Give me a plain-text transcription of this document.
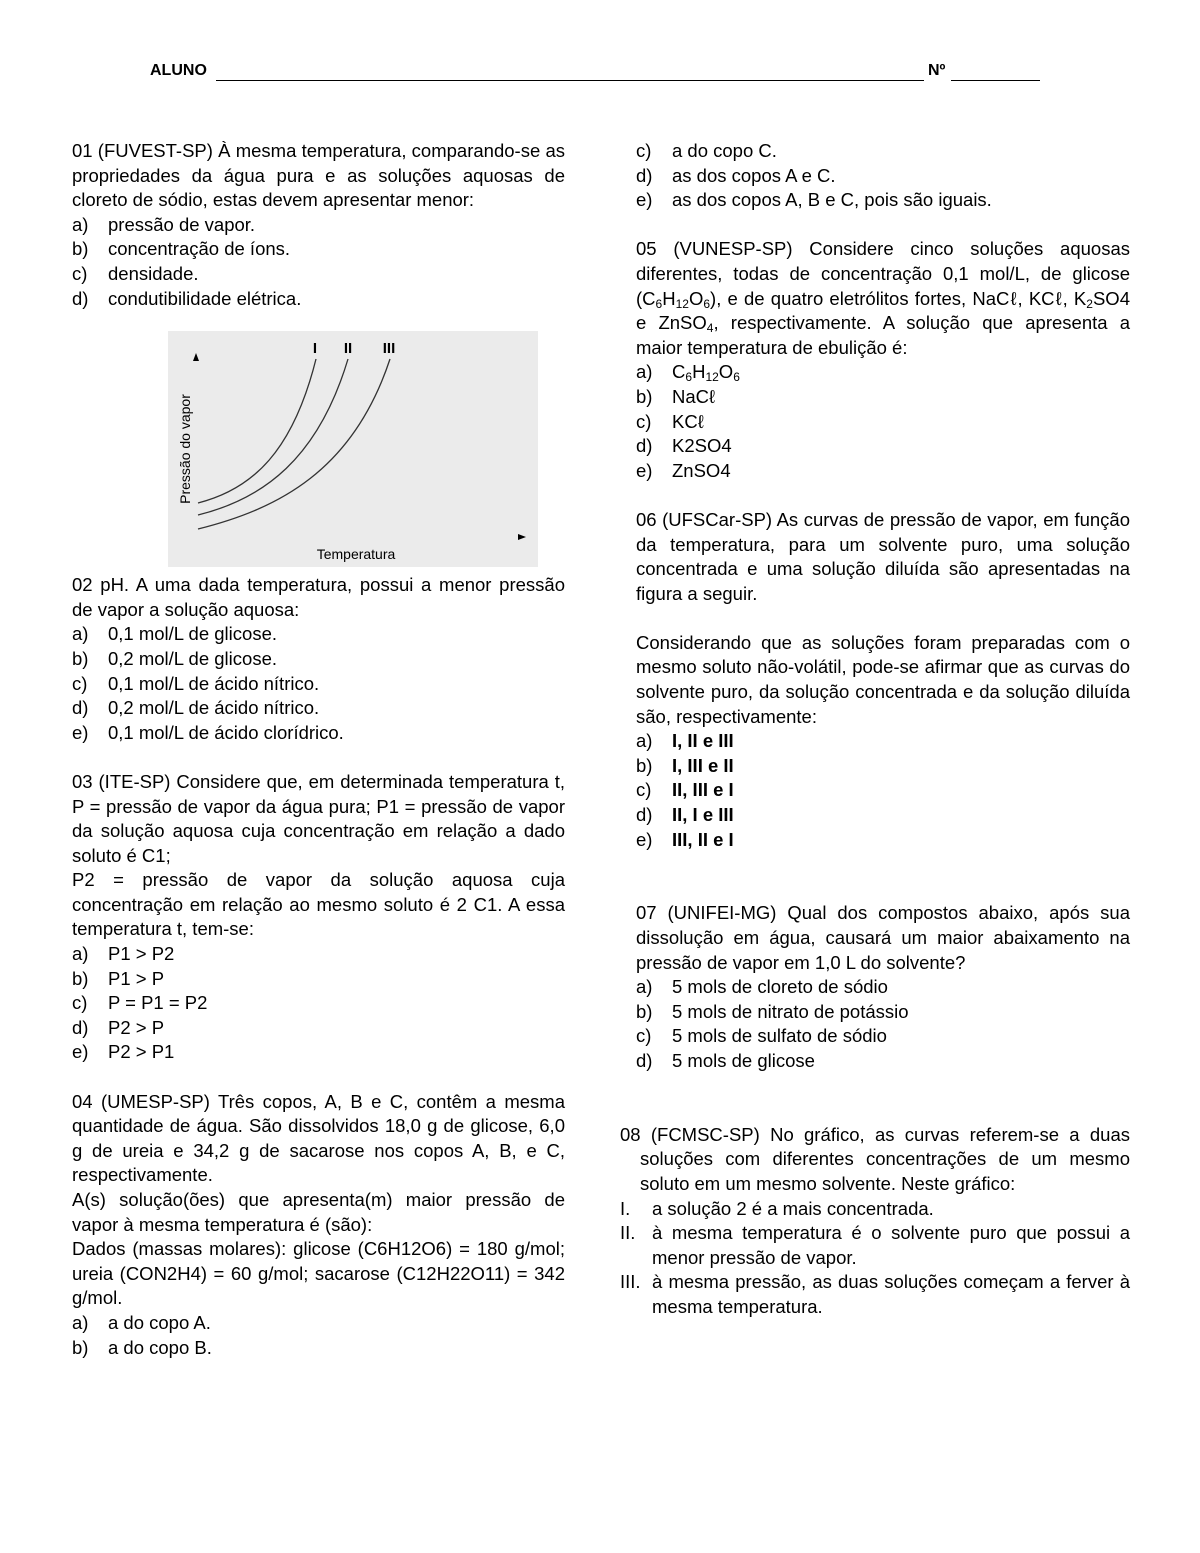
ALUNO	Nº

01 (FUVEST-SP) À mesma temperatura, comparando-se as propriedades da água pura e as soluções aquosas de cloreto de sódio, estas devem apresentar menor:

a)	pressão de vapor.
b)	concentração de íons.
c)	densidade.
d)	condutibilidade elétrica.
I II III
Temperatura
Pressão do vapor

02 pH. A uma dada temperatura, possui a menor pressão de vapor a solução aquosa:

a)	0,1 mol/L de glicose.
b)	0,2 mol/L de glicose.
c)	0,1 mol/L de ácido nítrico.
d)	0,2 mol/L de ácido nítrico.
e)	0,1 mol/L de ácido clorídrico.

03 (ITE-SP) Considere que, em determinada temperatura t, P = pressão de vapor da água pura; P1 = pressão de vapor da solução aquosa cuja concentração em relação a dado soluto é C1;

P2 = pressão de vapor da solução aquosa cuja concentração em relação ao mesmo soluto é 2 C1. A essa temperatura t, tem-se:

a)	P1 > P2
b)	P1 > P
c)	P = P1 = P2
d)	P2 > P
e)	P2 > P1

04 (UMESP-SP) Três copos, A, B e C, contêm a mesma quantidade de água. São dissolvidos 18,0 g de glicose, 6,0 g de ureia e 34,2 g de sacarose nos copos A, B, e C, respectivamente.

A(s) solução(ões) que apresenta(m) maior pressão de vapor à mesma temperatura é (são):

Dados (massas molares): glicose (C6H12O6) = 180 g/mol; ureia (CON2H4) = 60 g/mol; sacarose (C12H22O11) = 342 g/mol.

a)	a do copo A.
b)	a do copo B.
c)	a do copo C.
d)	as dos copos A e C.
e)	as dos copos A, B e C, pois são iguais.

05 (VUNESP-SP) Considere cinco soluções aquosas diferentes, todas de concentração 0,1 mol/L, de glicose $(C_6H_{12}O_6)$, e de quatro eletrólitos fortes, NaCℓ, KCℓ, $K_2SO4$ e ZnSO$_4$, respectivamente. A solução que apresenta a maior temperatura de ebulição é:

a)	$C_6H_{12}O_6$
b)	NaCℓ
c)	KCℓ
d)	K2SO4
e)	ZnSO4

06 (UFSCar-SP) As curvas de pressão de vapor, em função da temperatura, para um solvente puro, uma solução concentrada e uma solução diluída são apresentadas na figura a seguir.

Considerando que as soluções foram preparadas com o mesmo soluto não-volátil, pode-se afirmar que as curvas do solvente puro, da solução concentrada e da solução diluída são, respectivamente:

a)	I, II e III
b)	I, III e II
c)	II, III e I
d)	II, I e III
e)	III, II e I

07 (UNIFEI-MG) Qual dos compostos abaixo, após sua dissolução em água, causará um maior abaixamento na pressão de vapor em 1,0 L do solvente?

a)	5 mols de cloreto de sódio
b)	5 mols de nitrato de potássio
c)	5 mols de sulfato de sódio
d)	5 mols de glicose

08 (FCMSC-SP) No gráfico, as curvas referem-se a duas soluções com diferentes concentrações de um mesmo soluto em um mesmo solvente. Neste gráfico:

I.	a solução 2 é a mais concentrada.
II. à mesma temperatura é o solvente puro que possui a menor pressão de vapor.
III. à mesma pressão, as duas soluções começam a ferver à mesma temperatura.
